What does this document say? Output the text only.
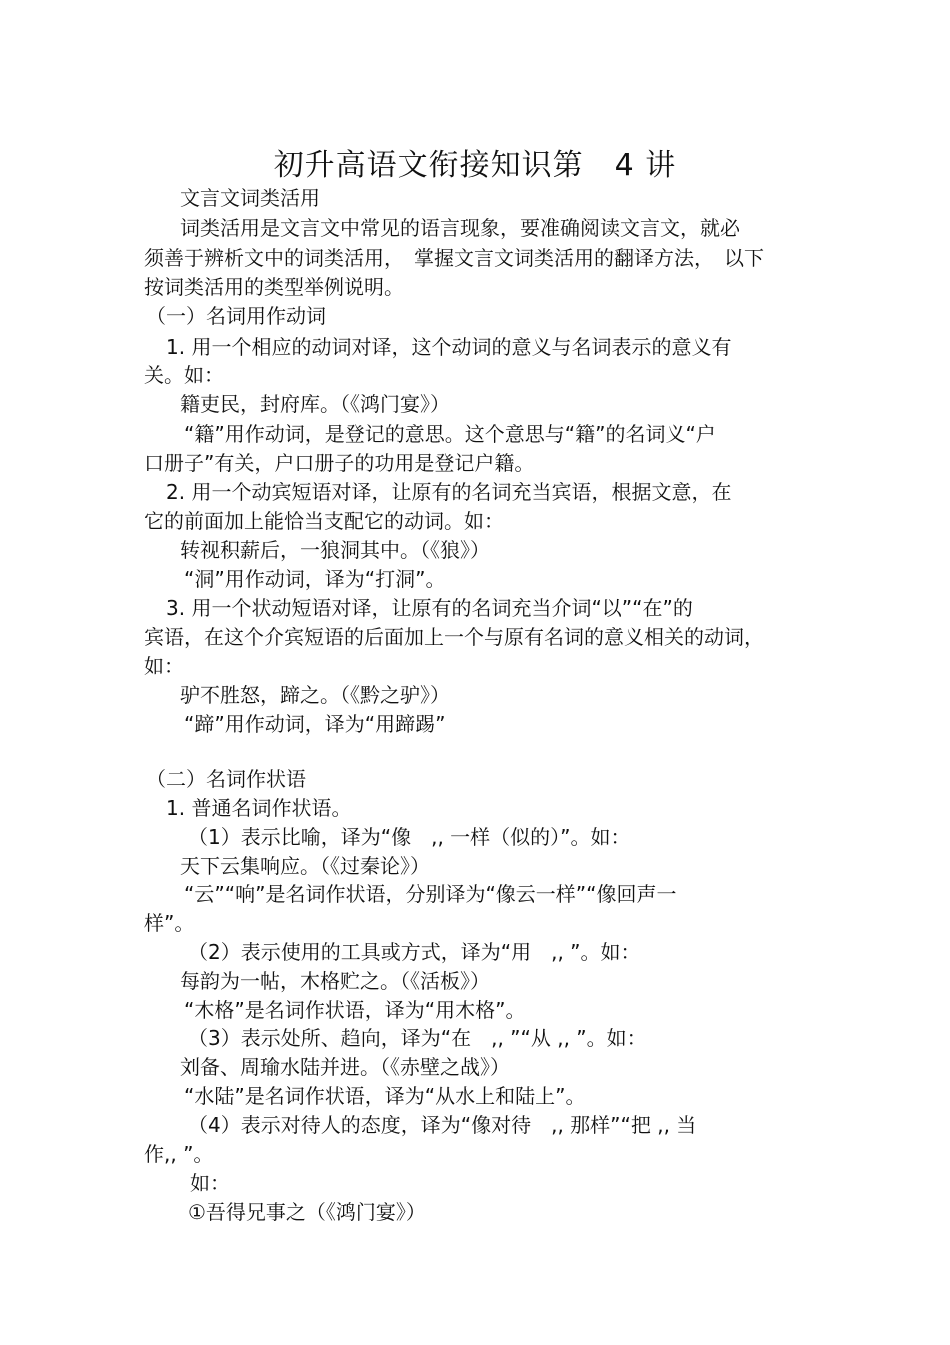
初升高语文衔接知识第　4 讲
文言文词类活用
词类活用是文言文中常见的语言现象，要准确阅读文言文，就必
须善于辨析文中的词类活用，　掌握文言文词类活用的翻译方法，　以下
按词类活用的类型举例说明。
（一）名词用作动词
1. 用一个相应的动词对译，这个动词的意义与名词表示的意义有
关。如：
籍吏民，封府库。（《鸿门宴》）
“籍”用作动词，是登记的意思。这个意思与“籍”的名词义“户
口册子”有关，户口册子的功用是登记户籍。
2. 用一个动宾短语对译，让原有的名词充当宾语，根据文意，在
它的前面加上能恰当支配它的动词。如：
转视积薪后，一狼洞其中。（《狼》）
“洞”用作动词，译为“打洞”。
3. 用一个状动短语对译，让原有的名词充当介词“以”“在”的
宾语，在这个介宾短语的后面加上一个与原有名词的意义相关的动词，
如：
驴不胜怒，蹄之。（《黔之驴》）
“蹄”用作动词，译为“用蹄踢”
（二）名词作状语
1. 普通名词作状语。
（1）表示比喻，译为“像　,, 一样（似的）”。如：
天下云集响应。（《过秦论》）
“云”“响”是名词作状语，分别译为“像云一样”“像回声一
样”。
（2）表示使用的工具或方式，译为“用　,, ”。如：
每韵为一帖，木格贮之。（《活板》）
“木格”是名词作状语，译为“用木格”。
（3）表示处所、趋向，译为“在　,, ”“从 ,, ”。如：
刘备、周瑜水陆并进。（《赤壁之战》）
“水陆”是名词作状语，译为“从水上和陆上”。
（4）表示对待人的态度，译为“像对待　,, 那样”“把 ,, 当
作,, ”。
如：
①吾得兄事之（《鸿门宴》）
